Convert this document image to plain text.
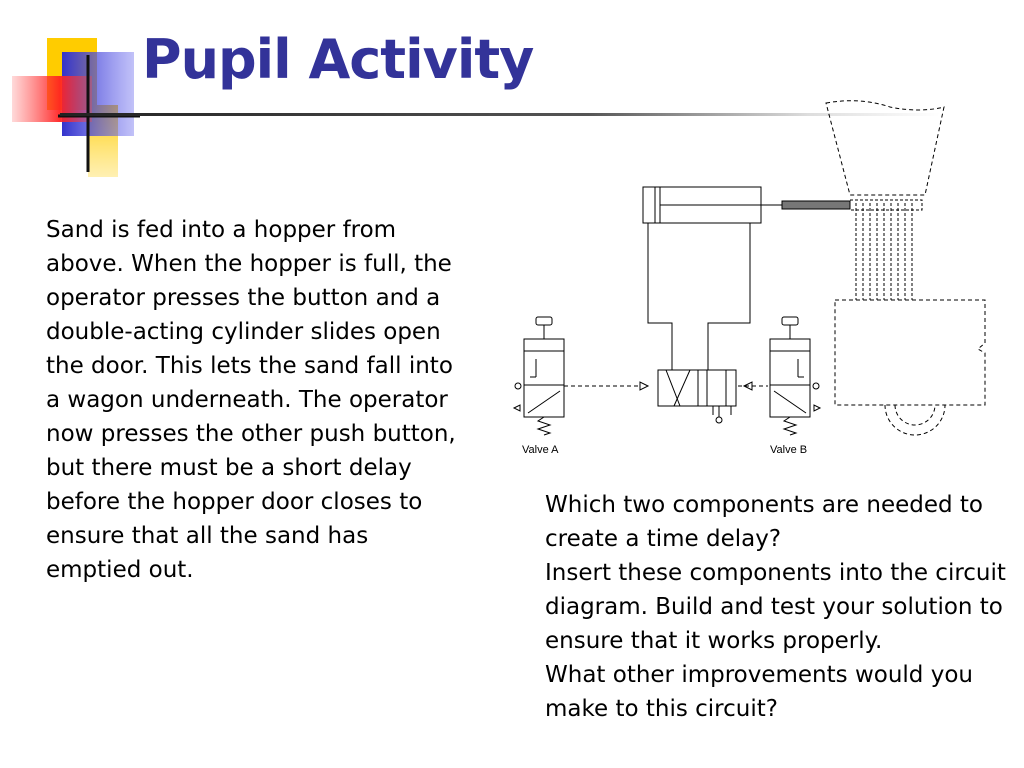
Pupil Activity

Sand is fed into a hopper from above. When the hopper is full, the operator presses the button and a double-acting cylinder slides open the door. This lets the sand fall into a wagon underneath. The operator now presses the other push button, but there must be a short delay before the hopper door closes to ensure that all the sand has emptied out.

Which two components are needed to create a time delay?

Insert these components into the circuit diagram. Build and test your solution to ensure that it works properly.

What other improvements would you make to this circuit?

Valve A	Valve B
